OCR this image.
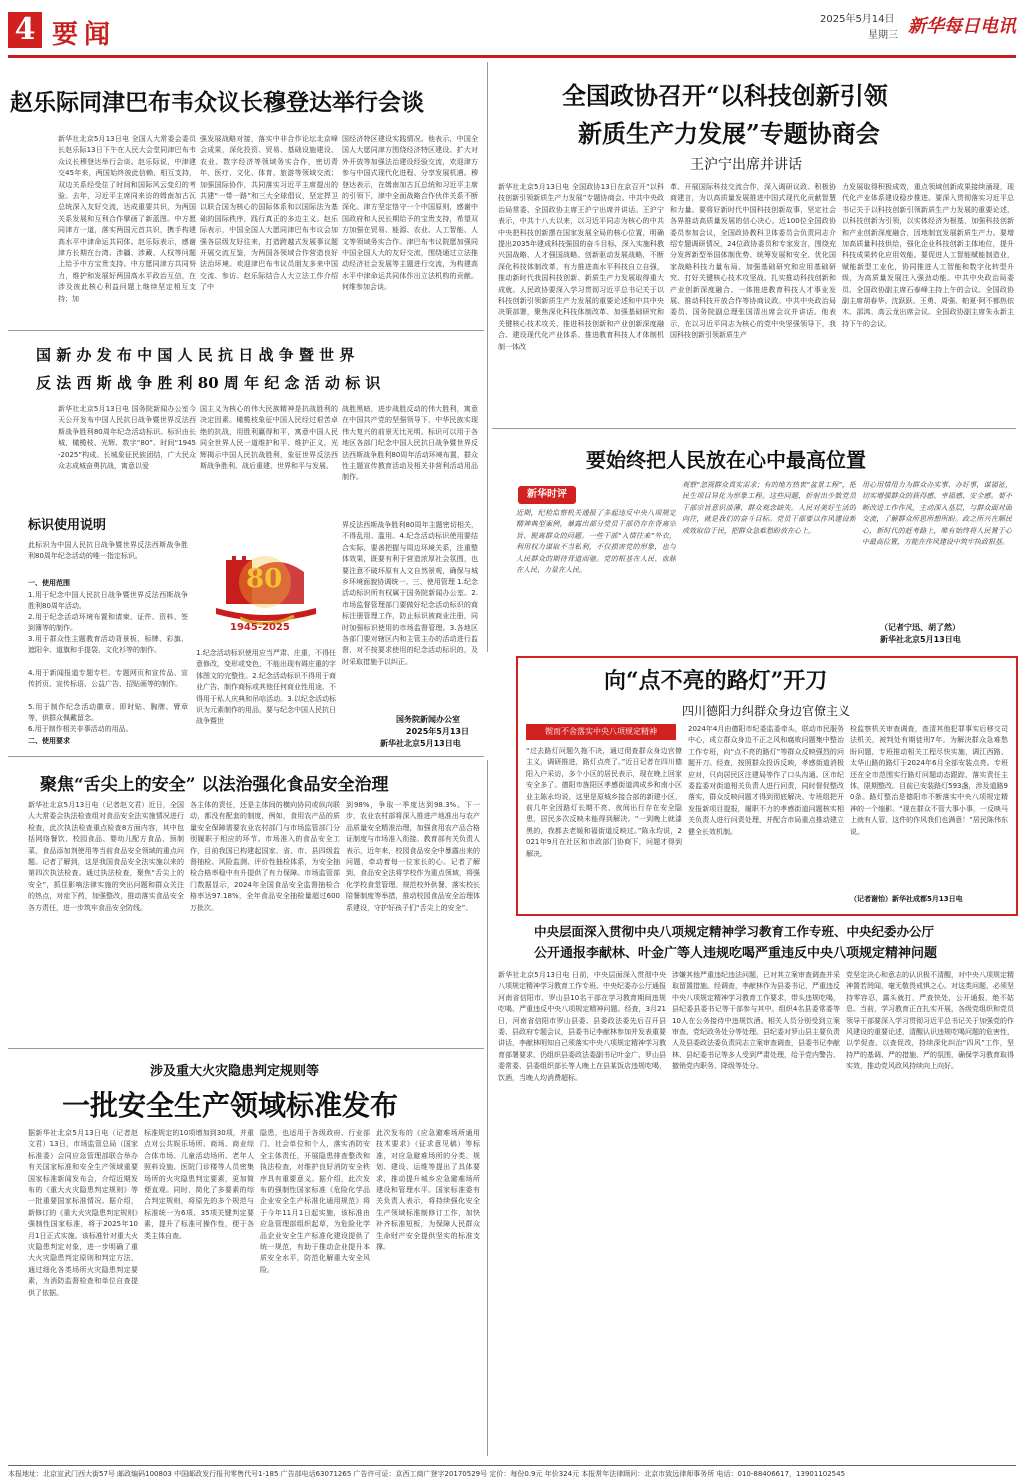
4 要闻
2025年5月14日
星期三 新华每日电讯
赵乐际同津巴布韦众议长穆登达举行会谈
新华社北京5月13日电 全国人大常委会委员长赵乐际13日下午在人民大会堂同津巴布韦众议长穆登达举行会谈。赵乐际说，中津建交45年来，两国始终彼此信赖、相互支持，双边关系经受住了时间和国际风云变幻的考验。去年，习近平主席同来访的姆南加古瓦总统深入友好交流，达成重要共识，为两国关系发展和互利合作擘画了新蓝图。中方愿同津方一道，落实两国元首共识，携手构建高水平中津命运共同体。赵乐际表示，感谢津方长期在台湾、涉疆、涉藏、人权等问题上给予中方宝贵支持。中方愿同津方共同努力，维护和发展好两国高水平政治互信，在涉及彼此核心利益问题上继续坚定相互支持；加
强发展战略对接，落实中非合作论坛北京峰会成果，深化投资、贸易、基础设施建设、农业、数字经济等领域务实合作，密切青年、医疗、文化、体育、旅游等领域交流；加强国际协作，共同落实习近平主席提出的共建“一带一路”和三大全球倡议，坚定捍卫以联合国为核心的国际体系和以国际法为基础的国际秩序，践行真正的多边主义。赵乐际表示，中国全国人大愿同津巴布韦议会加强各层级友好往来，打造跨越式发展事议题开展交流互鉴，为两国各领域合作营造良好法治环境。欢迎津巴布韦议员朋友多来中国交流、参访。赵乐际结合人大立法工作介绍了中
国经济特区建设实践情况。他表示，中国全国人大愿同津方围绕经济特区建设、扩大对外开放等加强法治建设经验交流，欢迎津方参与中国式现代化进程、分享发展机遇。穆登达表示，在姆南加古瓦总统和习近平主席的引领下，津中全面战略合作伙伴关系不断深化。津方坚定恪守一个中国原则，感谢中国政府和人民长期给予的宝贵支持，希望双方加强在贸易、能源、农业、人工智能、人文等领域务实合作。津巴布韦议院愿加强同中国全国人大的友好交流，围绕通过立法推动经济社会发展等主题进行交流，为构建高水平中津命运共同体作出立法机构的贡献。何维参加会谈。
全国政协召开“以科技创新引领
新质生产力发展”专题协商会
王沪宁出席并讲话
新华社北京5月13日电 全国政协13日在京召开“以科技创新引领新质生产力发展”专题协商会。中共中央政治局常委、全国政协主席王沪宁出席并讲话。王沪宁表示，中共十八大以来，以习近平同志为核心的中共中央把科技创新摆在国家发展全局的核心位置，明确提出2035年建成科技强国的奋斗目标，深入实施科教兴国战略、人才强国战略、创新驱动发展战略，不断深化科技体制改革，有力推进高水平科技自立自强，推动新时代我国科技创新、新质生产力发展取得重大成就。人民政协要深入学习贯彻习近平总书记关于以科技创新引领新质生产力发展的重要论述和中共中央决策部署，聚焦深化科技体制改革、加强基础研究和关键核心技术攻关、推进科技创新和产业创新深度融合、建设现代化产业体系、推进教育科技人才体制机制一体改
革、开展国际科技交流合作，深入调研议政、积极协商建言，为以高质量发展推进中国式现代化贡献智慧和力量。要将好新时代中国科技创新故事，坚定社会各界推动高质量发展的信心决心。近100位全国政协委员参加会议，全国政协教科卫体委员会负责同志介绍专题调研情况，24位政协委员和专家发言，围绕充分发挥新型举国体制优势、统筹发展和安全、优化国家战略科技力量布局、加强基础研究和应用基础研究、打好关键核心技术攻坚战、扎实推动科技创新和产业创新深度融合、一体推进教育科技人才事业发展、推动科技开放合作等协商议政。中共中央政治局委员、国务院副总理张国清出席会议并讲话。他表示，在以习近平同志为核心的党中央坚强领导下，我国科技创新引领新质生产
力发展取得积极成效，重点领域创新成果接续涌现，现代化产业体系建设稳步推进。要深入贯彻落实习近平总书记关于以科技创新引领新质生产力发展的重要论述，以科技创新为引领，以实体经济为根基，加强科技创新和产业创新深度融合，因地制宜发展新质生产力。要增加高质量科技供给，强化企业科技创新主体地位，提升科技成果转化应用效能。要促进人工智能赋能制造业，赋能新型工业化，协同推进人工智能和数字化转型升级，为高质量发展注入强劲动能。中共中央政治局委员、全国政协副主席石泰峰主持上午的会议。全国政协副主席胡春华、沈跃跃、王勇、周强、帕夏·阿不都热依木、邵鸿、高云龙出席会议。全国政协副主席朱永新主持下午的会议。
国 新 办 发 布 中 国 人 民 抗 日 战 争 暨 世 界
反 法 西 斯 战 争 胜 利 80 周 年 纪 念 活 动 标 识
新华社北京5月13日电 国务院新闻办公室今天公开发布中国人民抗日战争暨世界反法西斯战争胜利80周年纪念活动标识。标识由长城、橄榄枝、光辉、数字“80”、时间“1945-2025”构成。长城象征民族团结，广大民众众志成城奋勇抗战，寓意以爱
国主义为核心的伟大民族精神是抗战胜利的决定因素。橄榄枝象征中国人民经过艰苦卓绝的抗战，用胜利赢得和平，寓意中国人民同全世界人民一道维护和平、维护正义，光辉揭示中国人民抗战胜利，象征世界反法西斯战争胜利、战后重建、世界和平与发展、
战胜黑暗，进步战胜反动的伟大胜利，寓意在中国共产党的坚强领导下，中华民族实现伟大复兴的前景无比光明。标识可以用于各地区各部门纪念中国人民抗日战争暨世界反法西斯战争胜利80周年活动环境布置，群众性主题宣传教育活动及相关非营利活动用品制作。
标识使用说明
此标识为中国人民抗日战争暨世界反法西斯战争胜利80周年纪念活动的唯一指定标识。
一、使用范围
1.用于纪念中国人民抗日战争暨世界反法西斯战争胜利80周年活动。
2.用于纪念活动环境布置和请柬、证件、资料、签到簿等的制作。
3.用于群众性主题教育活动背景板、标牌、彩旗、遮阳伞、道旗和手提袋、文化衫等的制作。
4.用于新闻报道专题专栏、专题网页和宣传品、宣传折页、宣传标语、公益广告、招贴画等的制作。
5.用于制作纪念活动徽章、即时贴、胸牌、臂章等，供群众佩戴留念。
6.用于制作相关非事活动的用品。
二、使用要求
80
1945-2025
1.纪念活动标识使用应当严肃、庄重，不得任意修改，变形或变色，不能出现有碍庄重的字体图文的完整性。2.纪念活动标识不得用于商业广告、制作商标或其他任何商业性用途，不得用于私人庆典和吊唁活动。3.以纪念活动标识为元素制作的用品，要与纪念中国人民抗日战争暨世
界反法西斯战争胜利80周年主题密切相关，不得乱用、滥用。4.纪念活动标识使用要结合实际，要善把握与周边环境关系，注重整体效果，既要有利于营造浓厚社会氛围，也要注意不破坏原有人文自然景观，确保与城乡环境面貌协调统一。三、使用管理 1.纪念活动标识所有权属于国务院新闻办公室。2.市场监督管理部门要做好纪念活动标识的商标注册管理工作，防止标识被商业注册，同时加强标识使用的市场监督管理。3.各地区各部门要对辖区内和主管主办的活动进行监督，对不按要求使用的纪念活动标识的，及时采取措施予以纠正。
国务院新闻办公室
2025年5月13日
新华社北京5月13日电
要始终把人民放在心中最高位置
新华时评
近期，纪检监察机关通报了多起违反中央八项规定精神典型案例，暴露出部分党员干部仍存在背离宗旨、脱离群众的问题。一些干部“入情往来”外衣，利用权力谋取不当私利，不仅损害党的形象，也与人民群众的期待背道而驰。党的根基在人民、血脉在人民、力量在人民。
观察“忽视群众真实需求；有的地方热衷“盆景工程”，把民生项目异化为形象工程。这些问题，折射出少数党员干部宗旨意识淡薄、群众观念缺失。人民对美好生活的向往，就是我们的奋斗目标。党员干部要以作风建设新成效取信于民，把群众急难愁盼放在心上。
用心用情用力为群众办实事、办好事，谋福祉，切实增强群众的获得感、幸福感、安全感。要不断改进工作作风，主动深入基层，与群众面对面交流，了解群众所思所想所盼。政之所兴在顺民心，新时代的赶考路上，唯有始终将人民置于心中最高位置，方能在作风建设中筑牢执政根基。
（记者宁迅、胡了然）
新华社北京5月13日电
向“点不亮的路灯”开刀
四川德阳力纠群众身边官僚主义
锲而不舍落实中央八项规定精神
“过去路灯问题久拖不决，通过彻查群众身边官僚主义，调研推进，路灯点亮了。”近日记者在四川德阳入户采访，多个小区的居民表示，现在晚上回家安全多了。德阳市旌阳区孝感街道鸿成乡和南小区业主陈永均说，这里是原城乡接合部的新建小区，前几年全因路灯长期不亮、夜间出行存在安全隐患，居民多次反映未能得到解决。“一到晚上就漆黑的，我都去老媛和福街道反映过。”陈永均说，2021年9月在社区和市政部门协商下，问题才得到解决。
2024年4月由德阳市纪委监委牵头，联动市民服务中心，成立群众身边不正之风和腐败问题集中整治工作专班，向“点不亮的路灯”等群众反映强烈的问题开刀。经查，按照群众投诉反映，孝感街道消极应对，只向居民区注建局等作了口头沟通。区市纪委监委对街道相关负责人进行问责，同时督促整改落实，群众反映问题才得到彻底解决。专班组把开发报新项目提报，履职不力的孝感街道问题核实相关负责人进行问责处理，并配合市局重点推动建立健全长效机制。
检监察机关审查调查，查清其他犯罪事实后移交司法机关，被判处有期徒刑7年。为解决群众急难愁盼问题，专班推动相关工程尽快实施，调江西路、太华山路的路灯于2024年6月全部安装点亮。专班还在全市范围实行路灯问题动态跟踪，落实责任主体，限期整改。目前已安装路灯593盏，涉及道路90条。路灯整治是德阳市不断落实中央八项规定精神的一个缩影。“现在群众不管大事小事，一反映马上就有人管，这件的作风我们也满意！”居民陈伟东说。
（记者谢怡）新华社成都5月13日电
聚焦“舌尖上的安全” 以法治强化食品安全治理
新华社北京5月13日电（记者赵文君）近日，全国人大常委会执法检查组对食品安全法实施情况进行检查，此次执法检查重点检查8方面内容，其中包括网络餐饮、校园食品、婴幼儿配方食品、预制菜、食品添加剂使用等当前食品安全领域的重点问题。记者了解到，这是我国食品安全法实施以来的第四次执法检查。通过执法检查，聚焦“舌尖上的安全”，抓住影响法律实施的突出问题和群众关注的热点，对症下药，加强整改，推动落实食品安全各方责任，进一步筑牢食品安全防线。
各主体的责任，还是主体间的横向协同或纵向联动，都没有配套的制度，例如，食用农产品的质量安全保障需要农业农村部门与市场监管部门分别履职于相应的环节。市场准入的食品安全工作，目前我国已构建起国家、省、市、县四级监督抽检、风险监测、评价性抽检体系，为安全抽检合格率稳中有升提供了有力保障。市场监管部门数据显示，2024年全国食品安全监督抽检合格率达97.18%，全年食品安全抽检量超过600万批次。
到98%，争取一季度达到98.3%。下一步，农业农村部将深入推进产地准出与农产品质量安全精准治理，加强食用农产品合格证制度与市场准入衔接。教育部有关负责人表示，近年来，校园食品安全中暴露出来的问题，牵动着每一位家长的心。记者了解到，食品安全法将学校作为重点领域，将强化学校食堂管理、规范校外供餐、落实校长陪餐制度等举措，推动校园食品安全治理体系建设，守护好孩子们“舌尖上的安全”。
中央层面深入贯彻中央八项规定精神学习教育工作专班、中央纪委办公厅
公开通报李献林、叶金广等人违规吃喝严重违反中央八项规定精神问题
新华社北京5月13日电 日前，中央层面深入贯彻中央八项规定精神学习教育工作专班、中央纪委办公厅通报河南省信阳市、罗山县10名干部在学习教育期间违规吃喝、严重违反中央八项规定精神问题。经查，3月21日，河南省信阳市罗山县委、县委政法委先后召开县委、县政府专题会议，县委书记李献林参加并发表重要讲话，李献林明知自己须落实中央八项规定精神学习教育部署要求，仍组织县委政法委副书记叶金广、罗山县委常委、县委组织部长等人晚上在县某饭店违规吃喝，饮酒，当晚人均消费超标。
涉嫌其他严重违纪违法问题，已对其立案审查调查并采取留置措施。经调查，李献林作为县委书记，严重违反中央八项规定精神学习教育工作要求，带头违规吃喝，县纪委县委书记等干部参与其中。组织4名县委常委等10人在公务接待中违规饮酒。相关人员分别受到立案审查、党纪政务处分等处理。县纪委对罗山县主要负责人及县委政法委负责同志立案审查调查，县委书记李献林、县纪委书记等多人受到严肃处理，给予党内警告、撤销党内职务、降级等处分。
党坚定决心和意志的认识极不清醒，对中央八项规定精神置若罔闻，毫无敬畏戒惧之心。对这类问题，必须坚持零容忍，露头就打，严查快处，公开通报，绝不姑息。当前，学习教育正在扎实开展，各级党组织和党员领导干部要深入学习贯彻习近平总书记关于加强党的作风建设的重要论述，清醒认识违规吃喝问题的危害性，以学促查、以查促改，持续深化纠治“四风”工作，坚持严的基调、严的措施、严的氛围，确保学习教育取得实效，推动党风政风持续向上向好。
涉及重大火灾隐患判定规则等
一批安全生产领域标准发布
据新华社北京5月13日电（记者赵文君）13日，市场监管总局（国家标准委）会同应急管理部联合举办有关国家标准和安全生产领域重要国家标准新闻发布会，介绍近期发布的《重大火灾隐患判定规则》等一批重要国家标准情况。据介绍，新修订的《重大火灾隐患判定规则》强制性国家标准，将于2025年10月1日正式实施。该标准针对重大火灾隐患判定对象，进一步明确了重大火灾隐患判定原则和判定方法，通过细化各类场所火灾隐患判定要素，为消防监督检查和单位自查提供了依据。
标准规定的10项增加到30项，并重点对公共娱乐场所、商场、商业综合体市场、儿童活动场所、老年人照料设施、医院门诊楼等人员密集场所的火灾隐患判定要素，更加简便直观。同时，简化了多要素的综合判定规则，将原先的多个规范与标准统一为6项、35项关键判定要素，提升了标准可操作性，便于各类主体自查。
隐患，也适用于各级政府、行业部门、社会单位和个人，落实消防安全主体责任，开展隐患排查整改和执法检查，对维护良好消防安全秩序具有重要意义。据介绍，此次发布的强制性国家标准《危险化学品企业安全生产标准化通用规范》将于今年11月1日起实施，该标准由应急管理部组织起草，为危险化学品企业安全生产标准化建设提供了统一规范，有助于推动企业提升本质安全水平，防范化解重大安全风险。
此次发布的《应急避难场所通用技术要求》（征求意见稿）等标准，对应急避难场所的分类、规划、建设、运维等提出了具体要求，推动提升城乡应急避难场所建设和管理水平。国家标准委有关负责人表示，将持续强化安全生产领域标准制修订工作，加快补齐标准短板，为保障人民群众生命财产安全提供坚实的标准支撑。
本报地址：北京宣武门西大街57号 邮政编码100803 中国邮政发行报刊零售代号1-185 广告部电话63071265 广告许可证：京西工商广登字20170529号 定价：每份0.9元 年价324元 本报常年法律顾问：北京市致远律师事务所 电话：010-88406617，13901102545
